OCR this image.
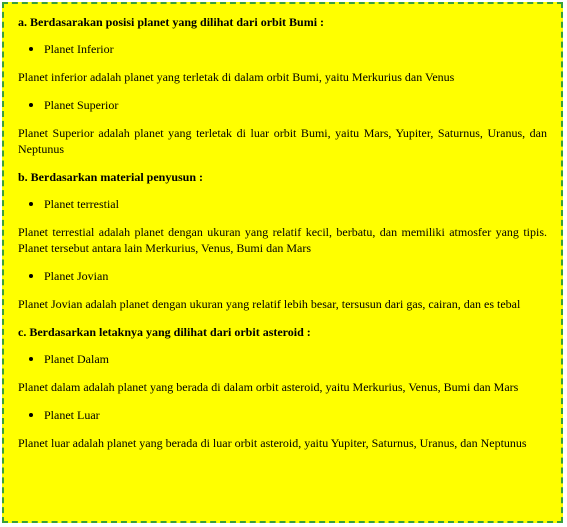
a. Berdasarakan posisi planet yang dilihat dari orbit Bumi :

Planet Inferior

Planet inferior adalah planet yang terletak di dalam orbit Bumi, yaitu Merkurius dan Venus

Planet Superior

Planet Superior adalah planet yang terletak di luar orbit Bumi, yaitu Mars, Yupiter, Saturnus, Uranus, dan Neptunus

b. Berdasarkan material penyusun :

Planet terrestial

Planet terrestial adalah planet dengan ukuran yang relatif kecil, berbatu, dan memiliki atmosfer yang tipis. Planet tersebut antara lain Merkurius, Venus, Bumi dan Mars

Planet Jovian

Planet Jovian adalah planet dengan ukuran yang relatif lebih besar, tersusun dari gas, cairan, dan es tebal

c. Berdasarkan letaknya yang dilihat dari orbit asteroid :

Planet Dalam

Planet dalam adalah planet yang berada di dalam orbit asteroid, yaitu Merkurius, Venus, Bumi dan Mars

Planet Luar

Planet luar adalah planet yang berada di luar orbit asteroid, yaitu Yupiter, Saturnus, Uranus, dan Neptunus
